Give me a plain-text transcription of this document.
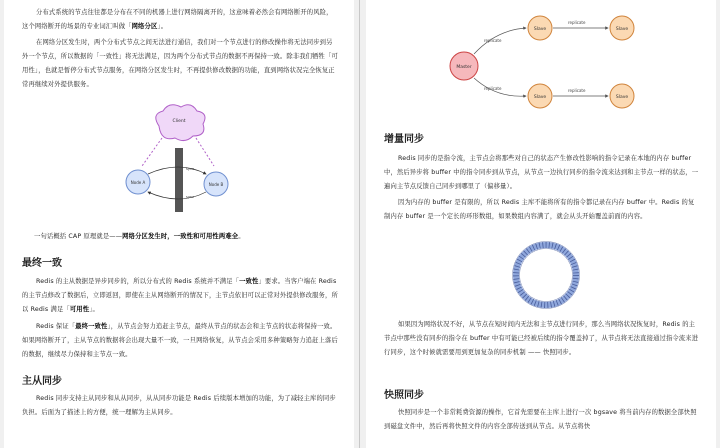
分布式系统的节点往往都是分布在不同的机器上进行网络隔离开的，这意味着必然会有网络断开的风险，这个网络断开的场景的专业词汇叫做「网络分区」。

在网络分区发生时，两个分布式节点之间无法进行通信，我们对一个节点进行的修改操作将无法同步到另外一个节点，所以数据的「一致性」将无法满足，因为两个分布式节点的数据不再保持一致。除非我们牺牲「可用性」，也就是暂停分布式节点服务，在网络分区发生时，不再提供修改数据的功能，直到网络状况完全恢复正常再继续对外提供服务。

Client
Node A	Node B
sync
sync

一句话概括 CAP 原理就是——网络分区发生时，一致性和可用性两难全。

最终一致

Redis 的主从数据是异步同步的，所以分布式的 Redis 系统并不满足「一致性」要求。当客户端在 Redis 的主节点修改了数据后，立即返回，即使在主从网络断开的情况下，主节点依旧可以正常对外提供修改服务，所以 Redis 满足「可用性」。

Redis 保证「最终一致性」，从节点会努力追赶主节点，最终从节点的状态会和主节点的状态将保持一致。如果网络断开了，主从节点的数据将会出现大量不一致，一旦网络恢复，从节点会采用多种策略努力追赶上落后的数据，继续尽力保持和主节点一致。

主从同步

Redis 同步支持主从同步和从从同步，从从同步功能是 Redis 后续版本增加的功能，为了减轻主库的同步负担。后面为了描述上的方便，统一理解为主从同步。

Master
Slave	Slave
Slave	Slave
replicate
replicate
replicate	replicate
增量同步

Redis 同步的是指令流，主节点会将那些对自己的状态产生修改性影响的指令记录在本地的内存 buffer 中，然后异步将 buffer 中的指令同步到从节点，从节点一边执行同步的指令流来达到和主节点一样的状态，一遍向主节点反馈自己同步到哪里了（偏移量）。

因为内存的 buffer 是有限的，所以 Redis 主库不能将所有的指令都记录在内存 buffer 中。Redis 的复制内存 buffer 是一个定长的环形数组，如果数组内容满了，就会从头开始覆盖前面的内容。

如果因为网络状况不好，从节点在短时间内无法和主节点进行同步，那么当网络状况恢复时，Redis 的主节点中那些没有同步的指令在 buffer 中有可能已经被后续的指令覆盖掉了，从节点将无法直接通过指令流来进行同步，这个时候就需要用到更加复杂的同步机制 —— 快照同步。

快照同步

快照同步是一个非常耗费资源的操作，它首先需要在主库上进行一次 bgsave 将当前内存的数据全部快照到磁盘文件中，然后再将快照文件的内容全部传送到从节点。从节点将快
